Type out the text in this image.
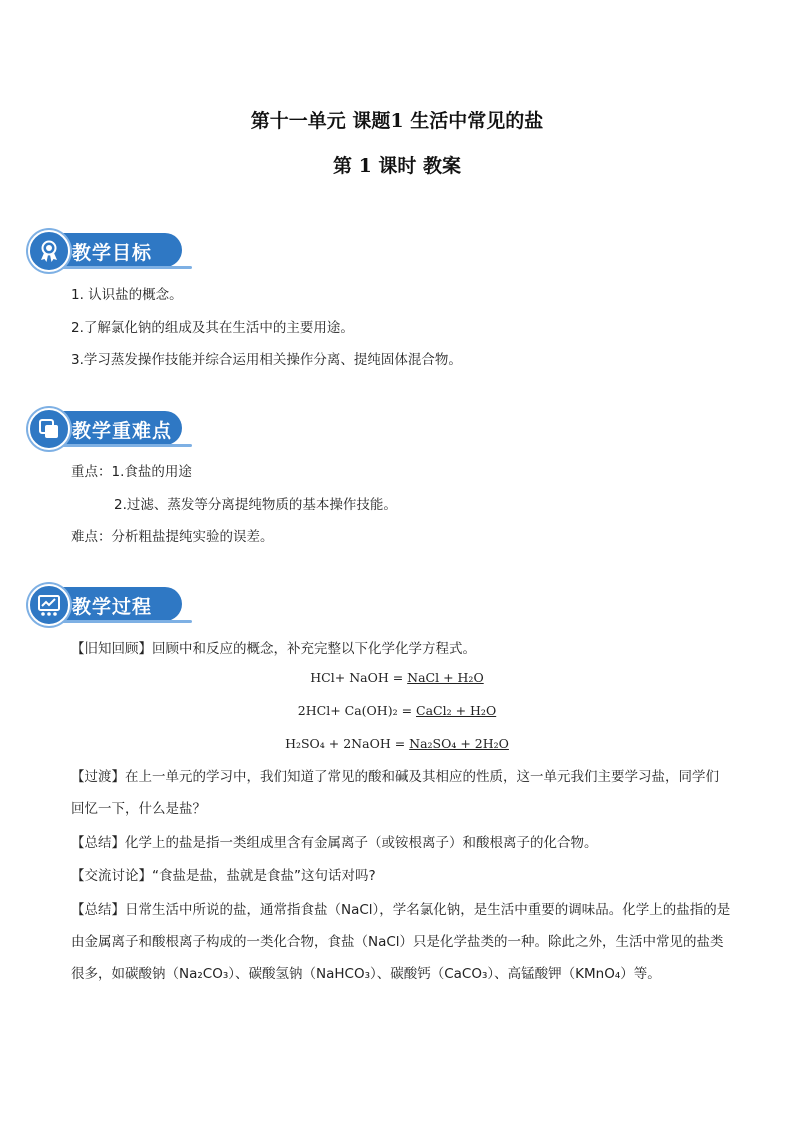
第十一单元 课题1 生活中常见的盐
第 1 课时 教案
教学目标
1. 认识盐的概念。
2.了解氯化钠的组成及其在生活中的主要用途。
3.学习蒸发操作技能并综合运用相关操作分离、提纯固体混合物。
教学重难点
重点：1.食盐的用途
2.过滤、蒸发等分离提纯物质的基本操作技能。
难点：分析粗盐提纯实验的误差。
教学过程
【旧知回顾】回顾中和反应的概念，补充完整以下化学化学方程式。
HCl+ NaOH = NaCl + H₂O
2HCl+ Ca(OH)₂ = CaCl₂ + H₂O
H₂SO₄ + 2NaOH = Na₂SO₄ + 2H₂O
【过渡】在上一单元的学习中，我们知道了常见的酸和碱及其相应的性质，这一单元我们主要学习盐，同学们回忆一下，什么是盐？
【总结】化学上的盐是指一类组成里含有金属离子（或铵根离子）和酸根离子的化合物。
【交流讨论】“食盐是盐，盐就是食盐”这句话对吗?
【总结】日常生活中所说的盐，通常指食盐（NaCl），学名氯化钠，是生活中重要的调味品。化学上的盐指的是由金属离子和酸根离子构成的一类化合物，食盐（NaCl）只是化学盐类的一种。除此之外，生活中常见的盐类很多，如碳酸钠（Na₂CO₃）、碳酸氢钠（NaHCO₃）、碳酸钙（CaCO₃）、高锰酸钾（KMnO₄）等。
